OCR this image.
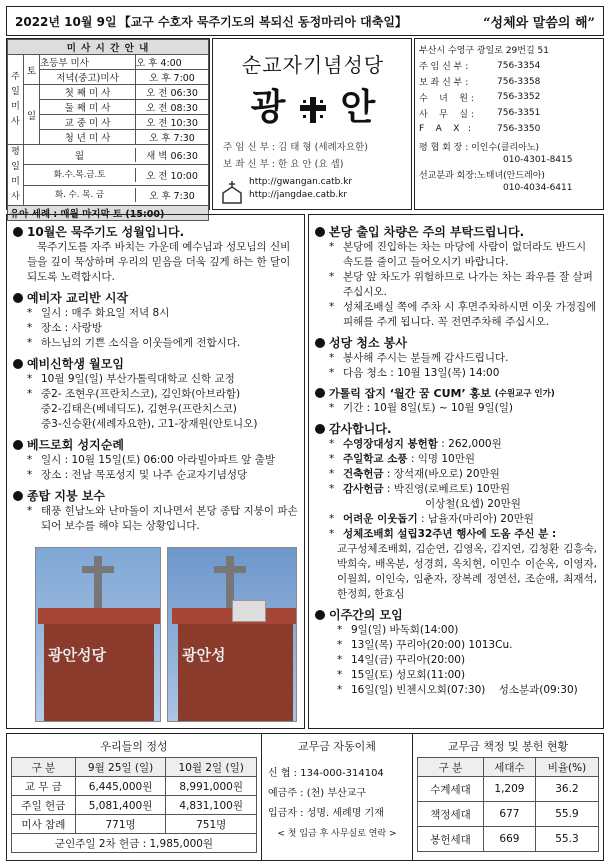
2022년 10월 9일 【교구 수호자 묵주기도의 복되신 동정마리아 대축일】	“성체와 말씀의 해”
미 사 시 간 안 내		
주일미사	토	초등부 미사 오 후 4:00

		저녁(중고)미사 오 후 7:00

	일	첫 째 미 사 오 전 06:30

		둘 째 미 사 오 전 08:30

		교 중 미 사 오 전 10:30

		청 년 미 사 오 후 7:30

평일미사	월 새 벽 06:30	

	화.수.목.금.토 오 전 10:00	

	화. 수. 목. 금 오 후 7:30	

유아 세례 : 매월 마지막 토 (15:00)		
순교자기념성당
광 안
주 임 신 부 : 김 태 형 (세례자요한)
보 좌 신 부 : 한 요 안 (요 셉)
http://gwangan.catb.kr
http://jangdae.catb.kr
부산시 수영구 광일로 29번길 51
주 임 신 부 :	756-3354
보 좌 신 부 :	756-3358
수    녀    원 :	756-3352
사    무    실 :	756-3351
F    A    X   :	756-3350
평 협 회 장 : 이인수(클리아노)
010-4301-8415
선교분과 회장:노태녀(안드레아)
010-4034-6411
10월은 묵주기도 성월입니다.
묵주기도를 자주 바치는 가운데 예수님과 성모님의 신비들을 깊이 묵상하며 우리의 믿음을 더욱 깊게 하는 한 달이 되도록 노력합시다.
예비자 교리반 시작
* 일시 : 매주 화요일 저녁 8시
* 장소 : 사랑방
* 하느님의 기쁜 소식을 이웃들에게 전합시다.
예비신학생 월모임
* 10월 9일(일) 부산가톨릭대학교 신학 교정
* 중2- 조현우(프란치스코), 김인화(아브라함)
중2-김태은(베네딕도), 김현우(프란치스코)
중3-신승환(세례자요한), 고1-장재원(안토니오)
베드로회 성지순례
* 일시 : 10월 15일(토) 06:00 아라빌아파트 앞 출발
* 장소 : 전남 목포성지 및 나주 순교자기념성당
종탑 지붕 보수
* 태풍 힌남노와 난마돌이 지나면서 본당 종탑 지붕이 파손되어 보수를 해야 되는 상황입니다.
광안성당	광안성
본당 출입 차량은 주의 부탁드립니다.
* 본당에 진입하는 차는 마당에 사람이 없더라도 반드시 속도를 줄이고 들어오시기 바랍니다.
* 본당 앞 차도가 위험하므로 나가는 차는 좌우를 잘 살펴 주십시오.
* 성체조배실 쪽에 주차 시 후면주차하시면 이웃 가정집에 피해를 주게 됩니다. 꼭 전면주차해 주십시오.
성당 청소 봉사
* 봉사해 주시는 분들께 감사드립니다.
* 다음 청소 : 10월 13일(목) 14:00
가톨릭 잡지 ‘월간 꿈 CUM’ 홍보 (수원교구 인가)
* 기간 : 10월 8일(토) ~ 10월 9일(일)
감사합니다.
* 수영장대성지 봉헌함 : 262,000원
* 주일학교 소풍 : 익명 10만원
* 건축헌금 : 장석재(바오로) 20만원
* 감사헌금 : 박진영(로베르토) 10만원
이상철(요셉) 20만원
* 어려운 이웃돕기 : 남율자(마리아) 20만원
* 성체조배회 설립32주년 행사에 도움 주신 분 :
교구성체조배회, 김순연, 김영옥, 김지연, 김청환 김흥숙, 박희숙, 배옥분, 성경희, 옥치현, 이민수 이순옥, 이영자, 이월희, 이인숙, 임춘자, 장복례 정연선, 조순애, 최재석, 한정희, 한효심
이주간의 모임
* 9일(일) 바독회(14:00)
* 13일(목) 꾸리아(20:00) 1013Cu.
* 14일(금) 꾸리아(20:00)
* 15일(토) 성모회(11:00)
* 16일(일) 빈첸시오회(07:30)    성소분과(09:30)
우리들의 정성
구 분	9월 25일 (일)	10월 2일 (일)
교 무 금	6,445,000원	8,991,000원
주일 헌금	5,081,400원	4,831,100원
미사 참례	771명	751명
군인주일 2차 헌금 : 1,985,000원		
교무금 자동이체
신 협 : 134-000-314104
예금주 : (천) 부산교구
입금자 : 성명. 세례명 기재
< 첫 입금 후 사무실로 연락 >
교무금 책정 및 봉헌 현황
구 분	세대수	비율(%)
수계세대	1,209	36.2
책정세대	677	55.9
봉헌세대	669	55.3
